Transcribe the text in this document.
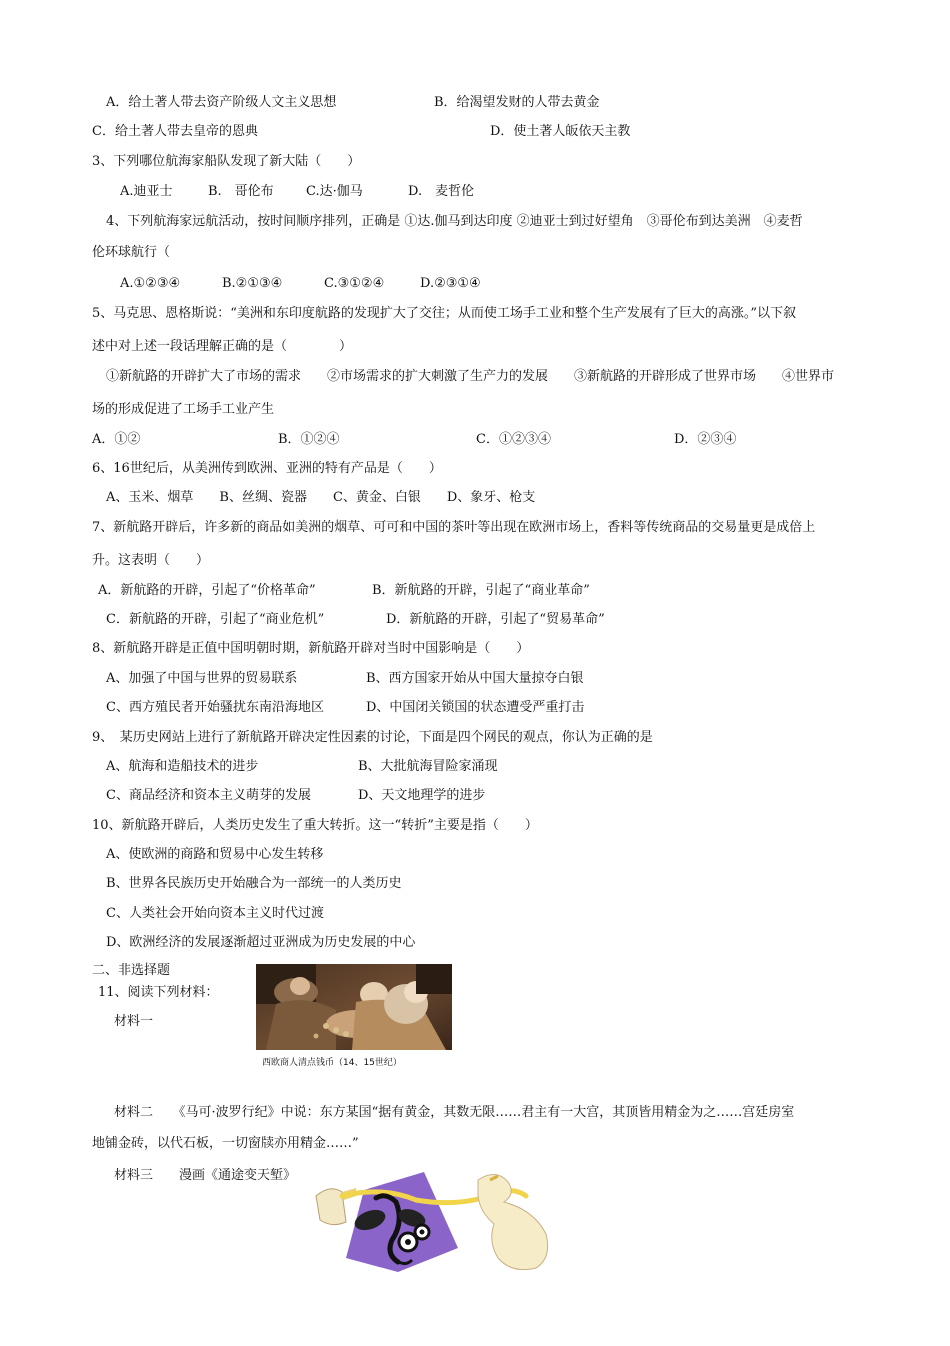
A．给土著人带去资产阶级人文主义思想	B．给渴望发财的人带去黄金
C．给土著人带去皇帝的恩典	D．使土著人皈依天主教
3、下列哪位航海家船队发现了新大陆（　　）
A.迪亚士	B.　哥伦布 C.达·伽马	D.　麦哲伦
4、下列航海家远航活动，按时间顺序排列，正确是 ①达.伽马到达印度 ②迪亚士到过好望角　③哥伦布到达美洲　④麦哲
伦环球航行（
A.①②③④	B.②①③④	C.③①②④	D.②③①④
5、马克思、恩格斯说：“美洲和东印度航路的发现扩大了交往；从而使工场手工业和整个生产发展有了巨大的高涨。”以下叙
述中对上述一段话理解正确的是（　　　　）
①新航路的开辟扩大了市场的需求　　②市场需求的扩大刺激了生产力的发展　　③新航路的开辟形成了世界市场　　④世界市
场的形成促进了工场手工业产生
A．①②	B．①②④	C．①②③④	D．②③④
6、16世纪后，从美洲传到欧洲、亚洲的特有产品是（　　）
A、玉米、烟草　　B、丝绸、瓷器　　C、黄金、白银　　D、象牙、枪支
7、新航路开辟后，许多新的商品如美洲的烟草、可可和中国的茶叶等出现在欧洲市场上，香料等传统商品的交易量更是成倍上
升。这表明（　　）
A．新航路的开辟，引起了“价格革命”	B．新航路的开辟，引起了“商业革命”
C．新航路的开辟，引起了“商业危机”	D．新航路的开辟，引起了“贸易革命”
8、新航路开辟是正值中国明朝时期，新航路开辟对当时中国影响是（　　）
A、加强了中国与世界的贸易联系	B、西方国家开始从中国大量掠夺白银
C、西方殖民者开始骚扰东南沿海地区	D、中国闭关锁国的状态遭受严重打击
9、　某历史网站上进行了新航路开辟决定性因素的讨论，下面是四个网民的观点，你认为正确的是
A、航海和造船技术的进步	B、大批航海冒险家涌现
C、商品经济和资本主义萌芽的发展	D、天文地理学的进步
10、新航路开辟后，人类历史发生了重大转折。这一“转折”主要是指（　　）
A、使欧洲的商路和贸易中心发生转移
B、世界各民族历史开始融合为一部统一的人类历史
C、人类社会开始向资本主义时代过渡
D、欧洲经济的发展逐渐超过亚洲成为历史发展的中心
二、非选择题
11、阅读下列材料：
材料一
西欧商人清点钱币（14、15世纪）
材料二　　《马可·波罗行纪》中说：东方某国“据有黄金，其数无限……君主有一大宫，其顶皆用精金为之……宫廷房室
地铺金砖，以代石板，一切窗牍亦用精金……”
材料三　　漫画《通途变天堑》
